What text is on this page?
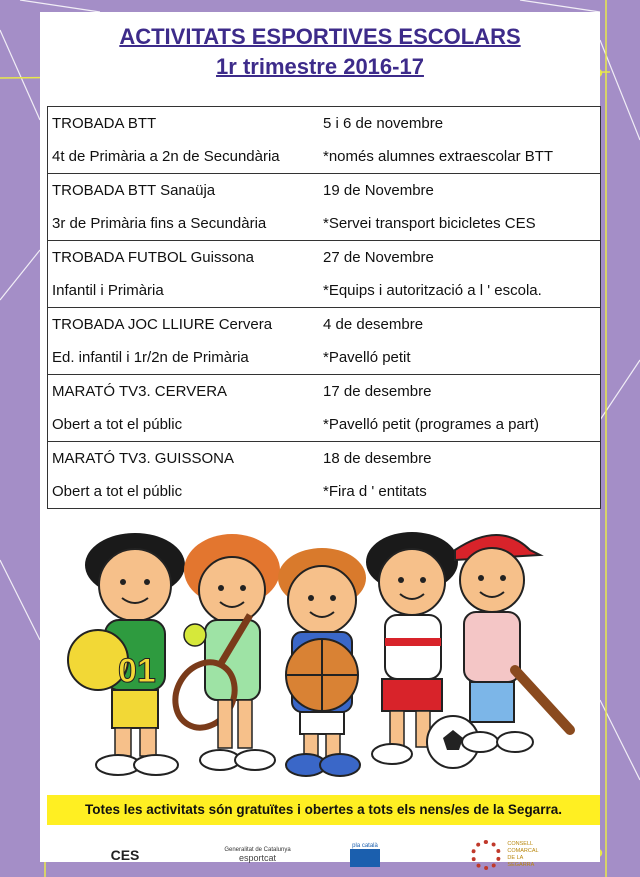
ACTIVITATS ESPORTIVES ESCOLARS
1r trimestre 2016-17
TROBADA BTT	5 i 6 de novembre
4t de Primària a 2n de Secundària	*només alumnes extraescolar BTT
TROBADA BTT Sanaüja	19 de Novembre
3r de Primària fins a Secundària	*Servei transport bicicletes CES
TROBADA FUTBOL Guissona	27 de Novembre
Infantil i Primària	*Equips i autorització a l ' escola.
TROBADA JOC LLIURE Cervera	4 de desembre
Ed. infantil i 1r/2n de Primària	*Pavelló petit
MARATÓ TV3. CERVERA	17 de desembre
Obert a tot el públic	*Pavelló petit (programes a part)
MARATÓ TV3. GUISSONA	18 de desembre
Obert a tot el públic	*Fira d ' entitats
01
Totes les activitats són gratuïtes i obertes a tots els nens/es de la Segarra.
CES	Generalitat de Catalunya
esportcat
pla català	CONSELL
COMARCAL
DE LA
SEGARRA
